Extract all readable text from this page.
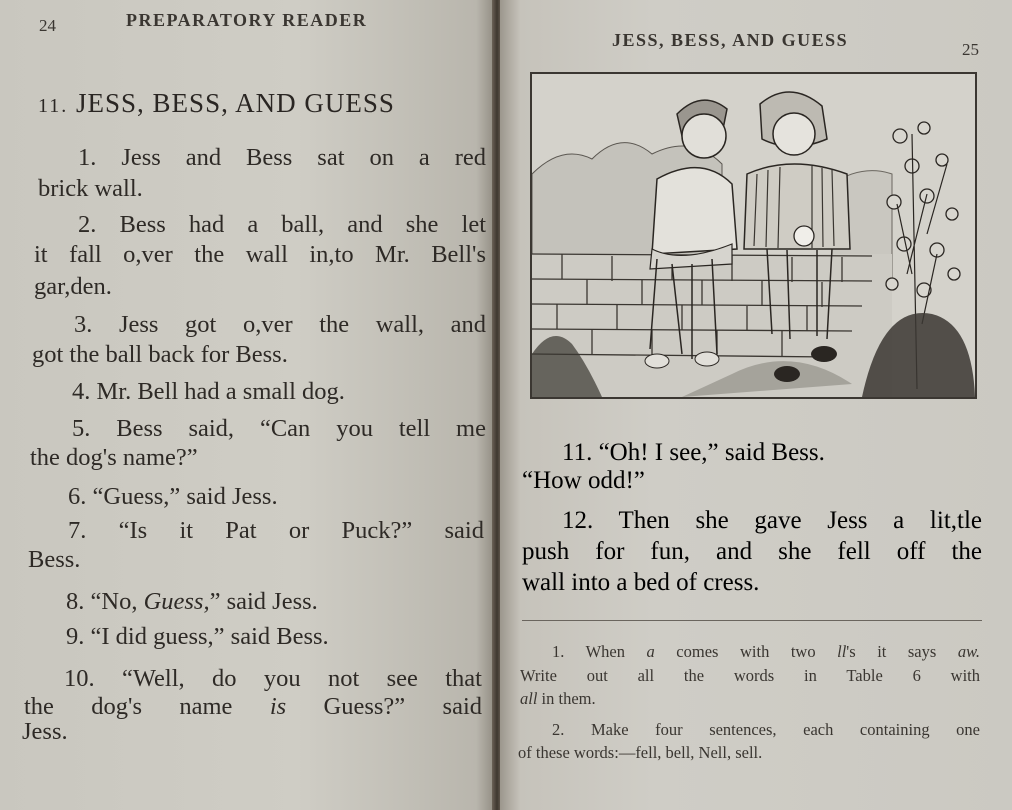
24	PREPARATORY READER
11. JESS, BESS, AND GUESS
1. Jess and Bess sat on a red
brick wall.
2. Bess had a ball, and she let
it fall o,ver the wall in,to Mr. Bell's
gar,den.
3. Jess got o,ver the wall, and
got the ball back for Bess.
4. Mr. Bell had a small dog.
5. Bess said, “Can you tell me
the dog's name?”
6. “Guess,” said Jess.
7. “Is it Pat or Puck?” said
Bess.
8. “No, Guess,” said Jess.
9. “I did guess,” said Bess.
10. “Well, do you not see that
the dog's name is Guess?” said
Jess.
JESS, BESS, AND GUESS	25
11. “Oh! I see,” said Bess.
“How odd!”
12. Then she gave Jess a lit,tle
push for fun, and she fell off the
wall into a bed of cress.
1. When a comes with two ll's it says aw.
Write out all the words in Table 6 with
all in them.
2. Make four sentences, each containing one
of these words:—fell, bell, Nell, sell.
